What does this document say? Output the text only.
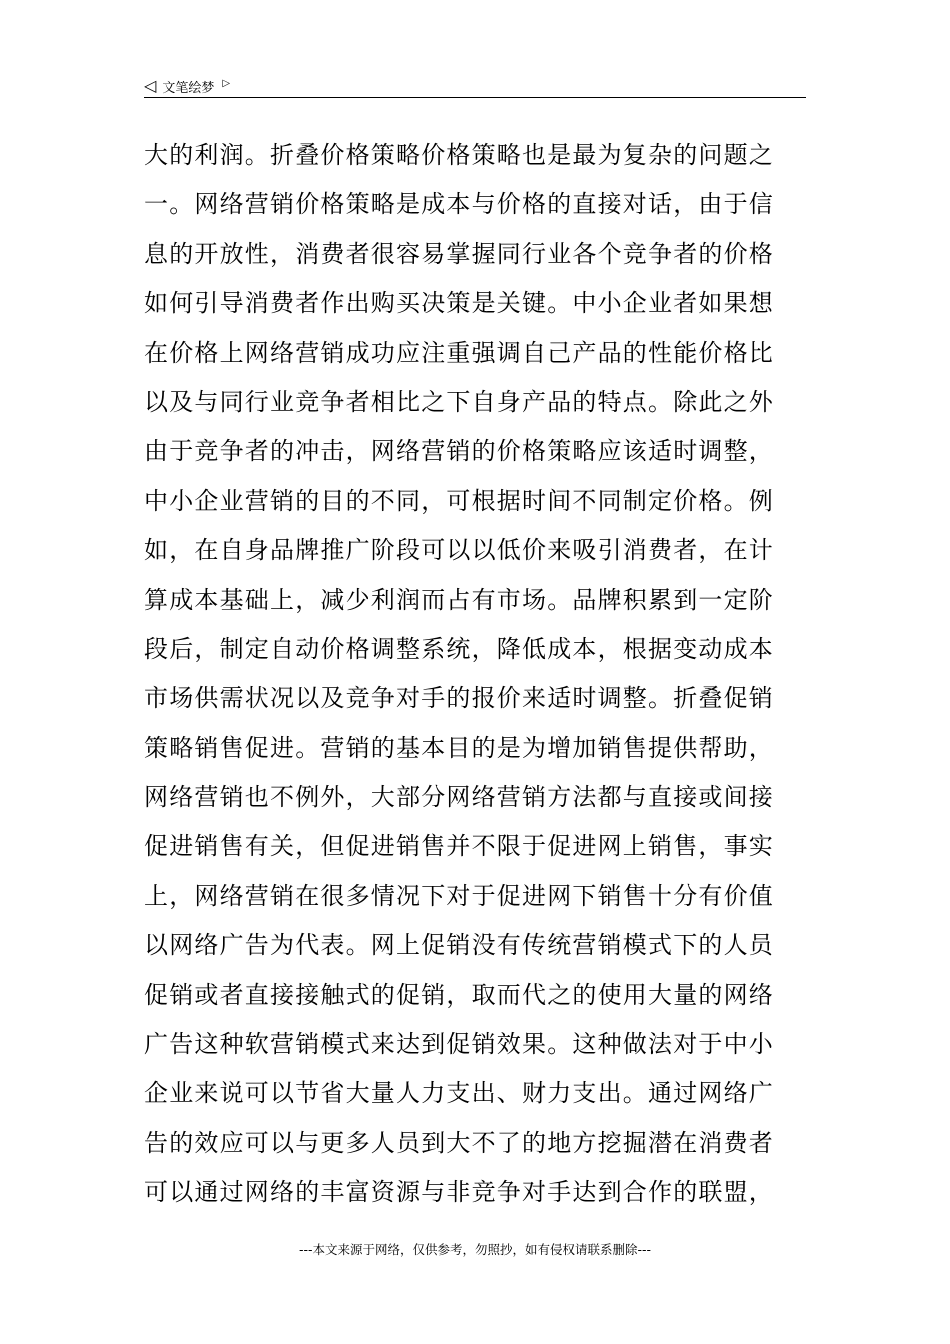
◁ 文笔绘梦 ▷
大的利润。折叠价格策略价格策略也是最为复杂的问题之
一。网络营销价格策略是成本与价格的直接对话，由于信
息的开放性，消费者很容易掌握同行业各个竞争者的价格
如何引导消费者作出购买决策是关键。中小企业者如果想
在价格上网络营销成功应注重强调自己产品的性能价格比
以及与同行业竞争者相比之下自身产品的特点。除此之外
由于竞争者的冲击，网络营销的价格策略应该适时调整，
中小企业营销的目的不同，可根据时间不同制定价格。例
如，在自身品牌推广阶段可以以低价来吸引消费者，在计
算成本基础上，减少利润而占有市场。品牌积累到一定阶
段后，制定自动价格调整系统，降低成本，根据变动成本
市场供需状况以及竞争对手的报价来适时调整。折叠促销
策略销售促进。营销的基本目的是为增加销售提供帮助，
网络营销也不例外，大部分网络营销方法都与直接或间接
促进销售有关，但促进销售并不限于促进网上销售，事实
上，网络营销在很多情况下对于促进网下销售十分有价值
以网络广告为代表。网上促销没有传统营销模式下的人员
促销或者直接接触式的促销，取而代之的使用大量的网络
广告这种软营销模式来达到促销效果。这种做法对于中小
企业来说可以节省大量人力支出、财力支出。通过网络广
告的效应可以与更多人员到大不了的地方挖掘潜在消费者
可以通过网络的丰富资源与非竞争对手达到合作的联盟，
---本文来源于网络，仅供参考，勿照抄，如有侵权请联系删除---
